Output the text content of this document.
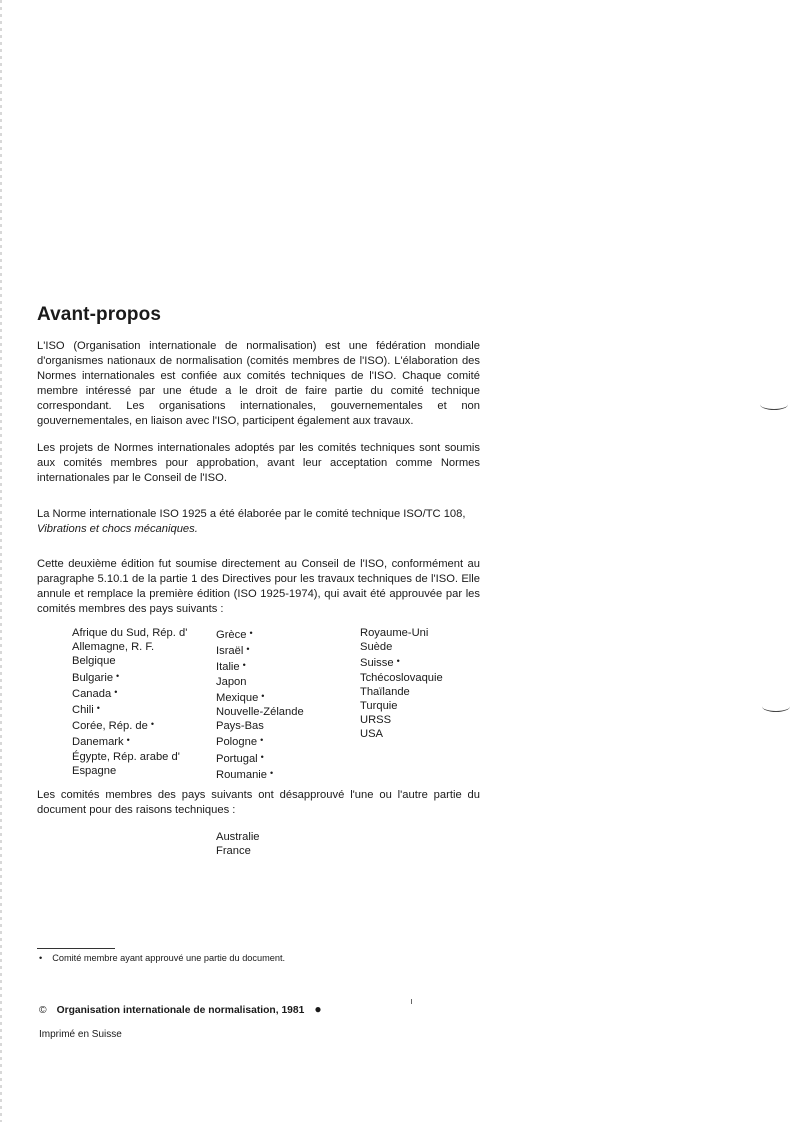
Avant-propos

L'ISO (Organisation internationale de normalisation) est une fédération mondiale d'organismes nationaux de normalisation (comités membres de l'ISO). L'élaboration des Normes internationales est confiée aux comités techniques de l'ISO. Chaque comité membre intéressé par une étude a le droit de faire partie du comité technique correspondant. Les organisations internationales, gouvernementales et non gouvernementales, en liaison avec l'ISO, participent également aux travaux.

Les projets de Normes internationales adoptés par les comités techniques sont soumis aux comités membres pour approbation, avant leur acceptation comme Normes internationales par le Conseil de l'ISO.

La Norme internationale ISO 1925 a été élaborée par le comité technique ISO/TC 108,
Vibrations et chocs mécaniques.

Cette deuxième édition fut soumise directement au Conseil de l'ISO, conformément au paragraphe 5.10.1 de la partie 1 des Directives pour les travaux techniques de l'ISO. Elle annule et remplace la première édition (ISO 1925-1974), qui avait été approuvée par les comités membres des pays suivants :

Afrique du Sud, Rép. d'
Allemagne, R. F.
Belgique
Bulgarie •
Canada •
Chili •
Corée, Rép. de •
Danemark •
Égypte, Rép. arabe d'
Espagne
Grèce •
Israël •
Italie •
Japon
Mexique •
Nouvelle-Zélande
Pays-Bas
Pologne •
Portugal •
Roumanie •
Royaume-Uni
Suède
Suisse •
Tchécoslovaquie
Thaïlande
Turquie
URSS
USA

Les comités membres des pays suivants ont désapprouvé l'une ou l'autre partie du document pour des raisons techniques :

Australie
France
• Comité membre ayant approuvé une partie du document.
© Organisation internationale de normalisation, 1981 ●
Imprimé en Suisse
